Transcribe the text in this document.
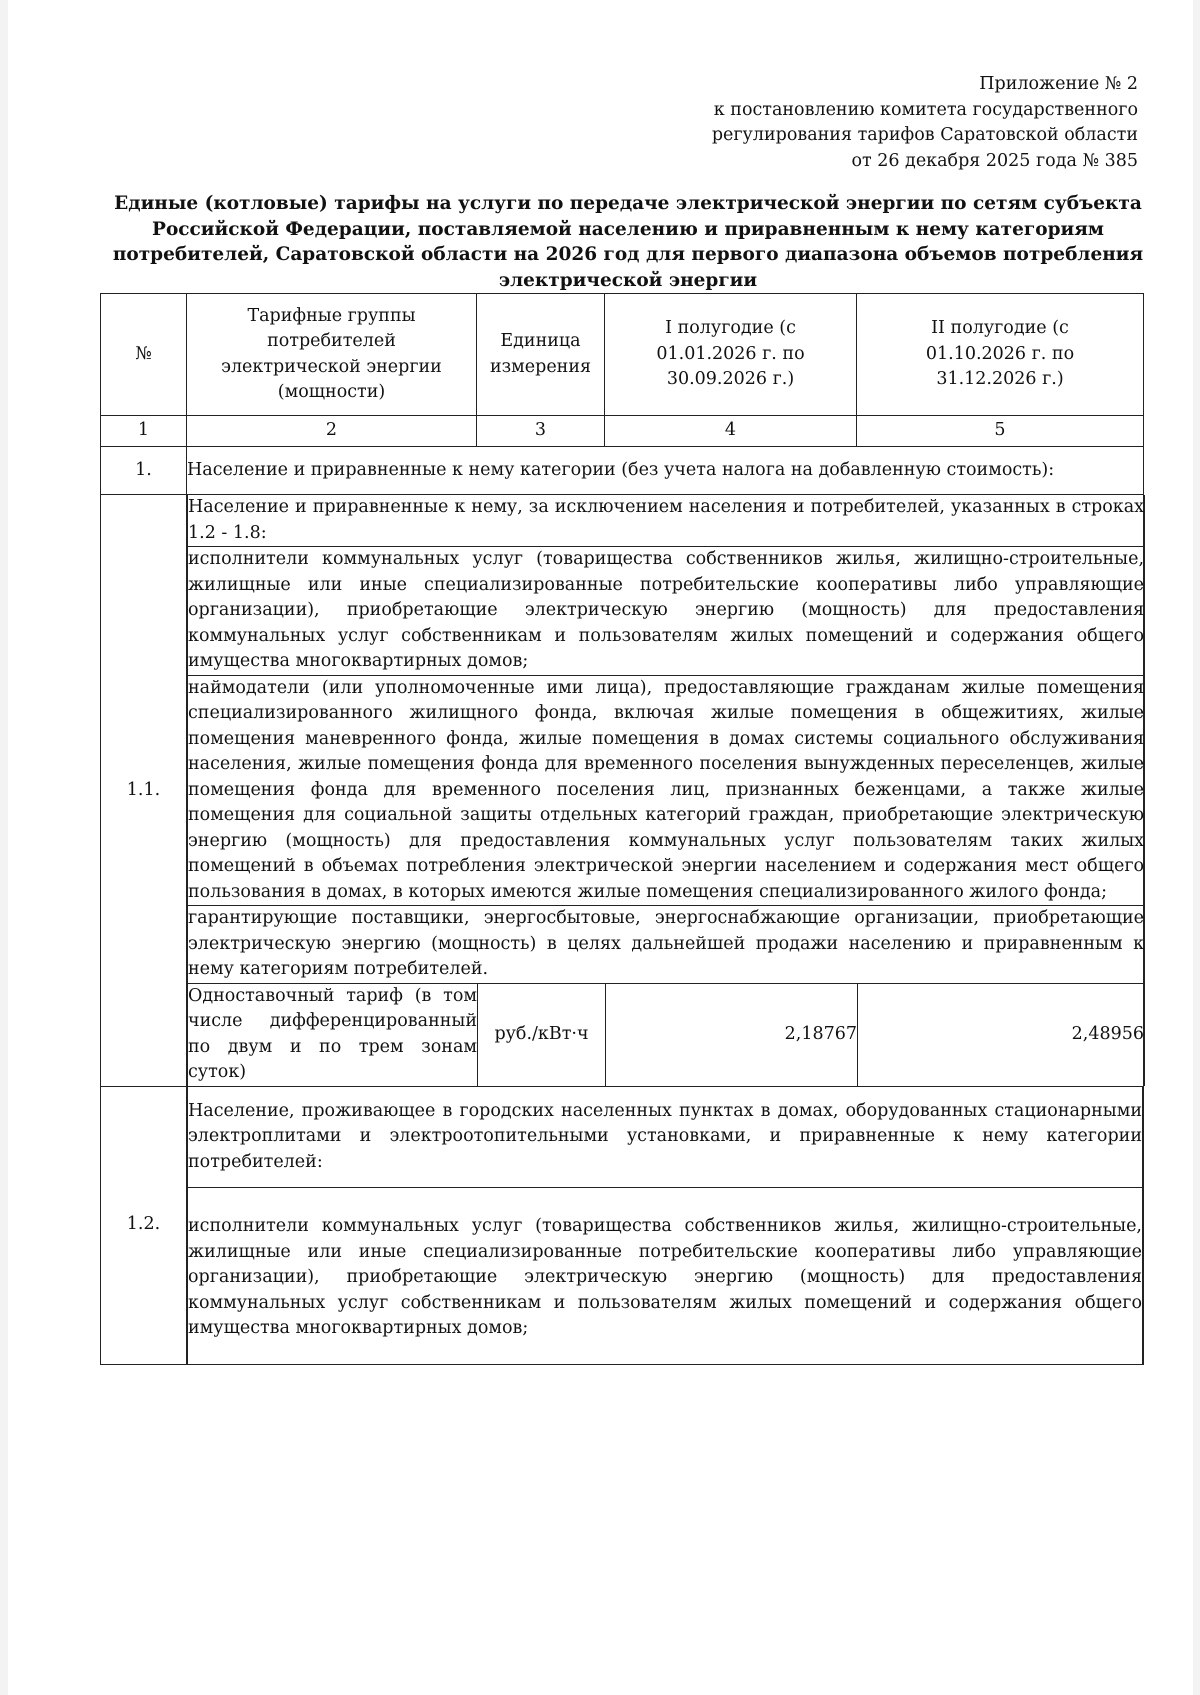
Приложение № 2
к постановлению комитета государственного
регулирования тарифов Саратовской области
от 26 декабря 2025 года № 385
Единые (котловые) тарифы на услуги по передаче электрической энергии по сетям субъекта Российской Федерации, поставляемой населению и приравненным к нему категориям потребителей, Саратовской области на 2026 год для первого диапазона объемов потребления электрической энергии
№	Тарифные группы потребителей электрической энергии (мощности)	Единица измерения	I полугодие (с 01.01.2026 г. по 30.09.2026 г.)	II полугодие (с 01.10.2026 г. по 31.12.2026 г.)
1	2	3	4	5
1.	Население и приравненные к нему категории (без учета налога на добавленную стоимость):
1.1.	
Население и приравненные к нему, за исключением населения и потребителей, указанных в строках 1.2 - 1.8:
исполнители коммунальных услуг (товарищества собственников жилья, жилищно-строительные, жилищные или иные специализированные потребительские кооперативы либо управляющие организации), приобретающие электрическую энергию (мощность) для предоставления коммунальных услуг собственникам и пользователям жилых помещений и содержания общего имущества многоквартирных домов;
наймодатели (или уполномоченные ими лица), предоставляющие гражданам жилые помещения специализированного жилищного фонда, включая жилые помещения в общежитиях, жилые помещения маневренного фонда, жилые помещения в домах системы социального обслуживания населения, жилые помещения фонда для временного поселения вынужденных переселенцев, жилые помещения фонда для временного поселения лиц, признанных беженцами, а также жилые помещения для социальной защиты отдельных категорий граждан, приобретающие электрическую энергию (мощность) для предоставления коммунальных услуг пользователям таких жилых помещений в объемах потребления электрической энергии населением и содержания мест общего пользования в домах, в которых имеются жилые помещения специализированного жилого фонда;
гарантирующие поставщики, энергосбытовые, энергоснабжающие организации, приобретающие электрическую энергию (мощность) в целях дальнейшей продажи населению и приравненным к нему категориям потребителей.
Одноставочный тариф (в том числе дифференцированный по двум и по трем зонам суток)	руб./кВт·ч	2,18767	2,48956

1.2.	
Население, проживающее в городских населенных пунктах в домах, оборудованных стационарными электроплитами и электроотопительными установками, и приравненные к нему категории потребителей:
исполнители коммунальных услуг (товарищества собственников жилья, жилищно-строительные, жилищные или иные специализированные потребительские кооперативы либо управляющие организации), приобретающие электрическую энергию (мощность) для предоставления коммунальных услуг собственникам и пользователям жилых помещений и содержания общего имущества многоквартирных домов;
